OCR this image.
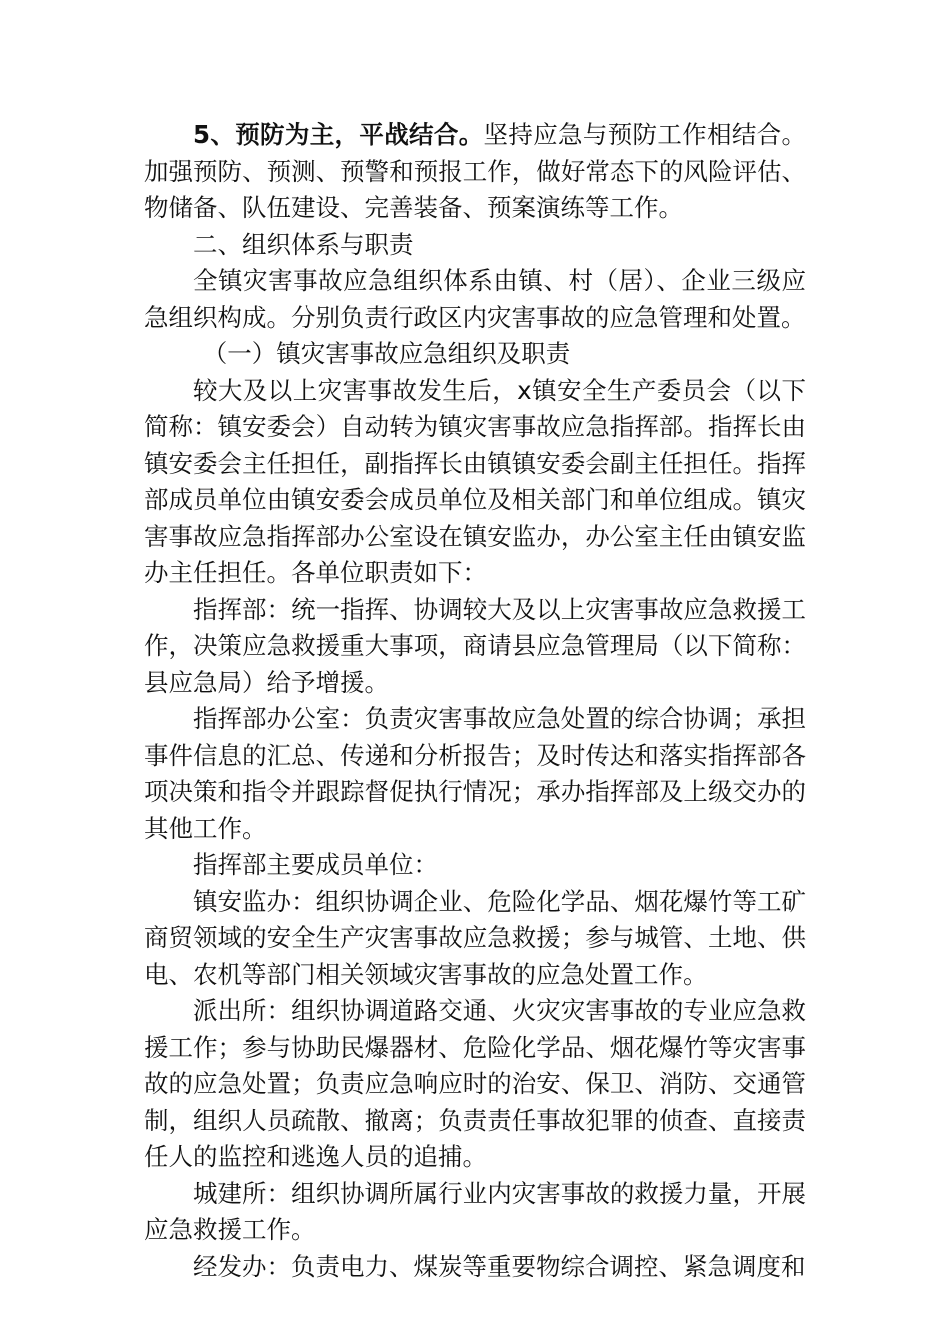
5、预防为主，平战结合。坚持应急与预防工作相结合。加强预防、预测、预警和预报工作，做好常态下的风险评估、物储备、队伍建设、完善装备、预案演练等工作。

二、组织体系与职责

全镇灾害事故应急组织体系由镇、村（居）、企业三级应急组织构成。分别负责行政区内灾害事故的应急管理和处置。

（一）镇灾害事故应急组织及职责

较大及以上灾害事故发生后，x镇安全生产委员会（以下简称：镇安委会）自动转为镇灾害事故应急指挥部。指挥长由镇安委会主任担任，副指挥长由镇镇安委会副主任担任。指挥部成员单位由镇安委会成员单位及相关部门和单位组成。镇灾害事故应急指挥部办公室设在镇安监办，办公室主任由镇安监办主任担任。各单位职责如下：

指挥部：统一指挥、协调较大及以上灾害事故应急救援工作，决策应急救援重大事项，商请县应急管理局（以下简称：县应急局）给予增援。

指挥部办公室：负责灾害事故应急处置的综合协调；承担事件信息的汇总、传递和分析报告；及时传达和落实指挥部各项决策和指令并跟踪督促执行情况；承办指挥部及上级交办的其他工作。

指挥部主要成员单位：

镇安监办：组织协调企业、危险化学品、烟花爆竹等工矿商贸领域的安全生产灾害事故应急救援；参与城管、土地、供电、农机等部门相关领域灾害事故的应急处置工作。

派出所：组织协调道路交通、火灾灾害事故的专业应急救援工作；参与协助民爆器材、危险化学品、烟花爆竹等灾害事故的应急处置；负责应急响应时的治安、保卫、消防、交通管制，组织人员疏散、撤离；负责责任事故犯罪的侦查、直接责任人的监控和逃逸人员的追捕。

城建所：组织协调所属行业内灾害事故的救援力量，开展应急救援工作。

经发办：负责电力、煤炭等重要物综合调控、紧急调度和
